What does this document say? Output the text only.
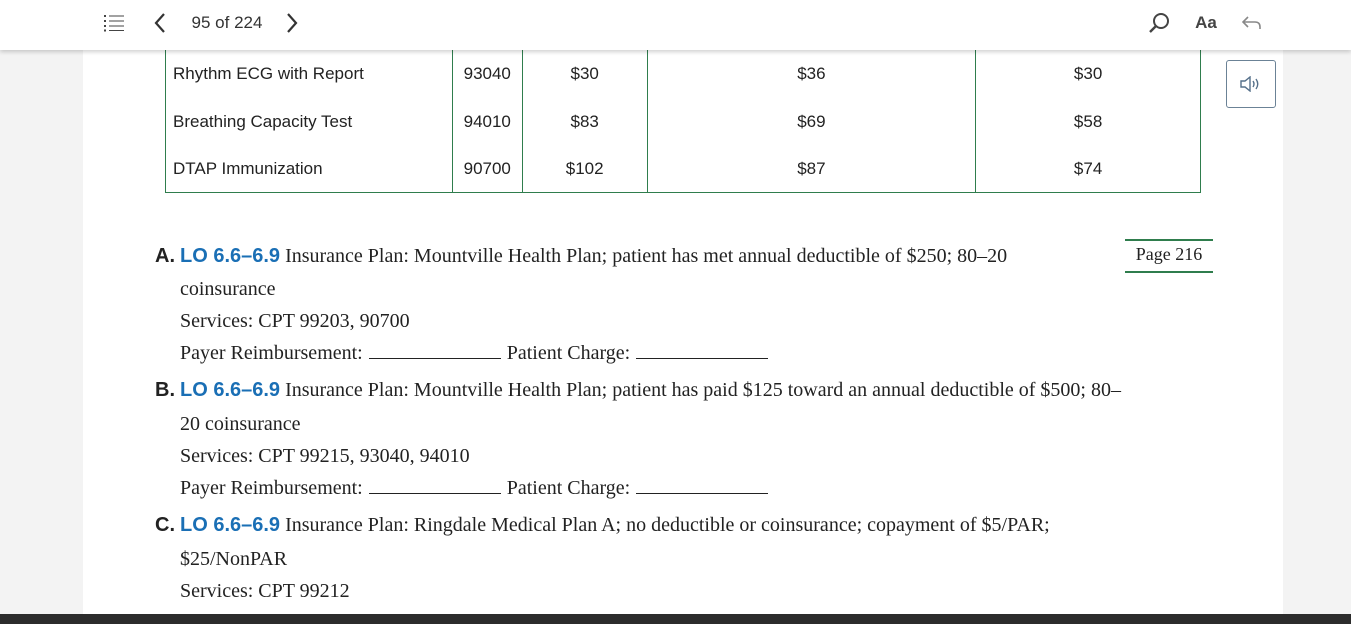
95 of 224	Aa
Rhythm ECG with Report	93040	$30	$36	$30
Breathing Capacity Test	94010	$83	$69	$58
DTAP Immunization	90700	$102	$87	$74
Page 216
A. LO 6.6–6.9 Insurance Plan: Mountville Health Plan; patient has met annual deductible of $250; 80–20
coinsurance
Services: CPT 99203, 90700
Payer Reimbursement:	Patient Charge:
B. LO 6.6–6.9 Insurance Plan: Mountville Health Plan; patient has paid $125 toward an annual deductible of $500; 80–
20 coinsurance
Services: CPT 99215, 93040, 94010
Payer Reimbursement:	Patient Charge:
C. LO 6.6–6.9 Insurance Plan: Ringdale Medical Plan A; no deductible or coinsurance; copayment of $5/PAR;
$25/NonPAR
Services: CPT 99212
